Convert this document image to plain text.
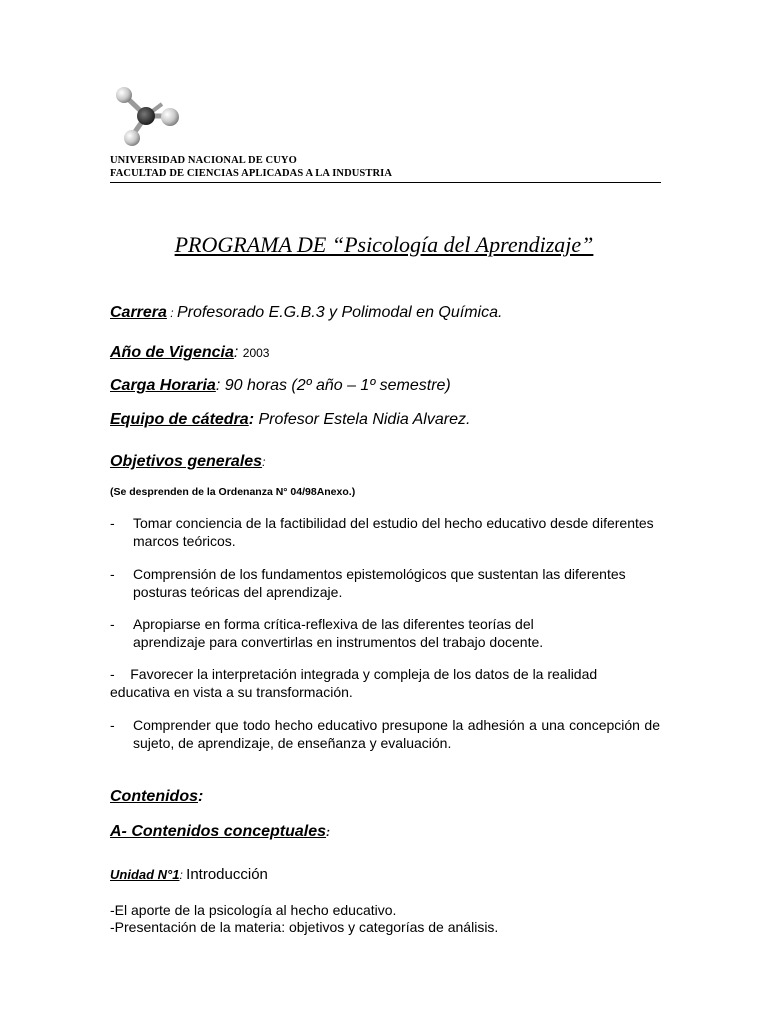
UNIVERSIDAD NACIONAL DE CUYO
FACULTAD DE CIENCIAS APLICADAS A LA INDUSTRIA
PROGRAMA DE “Psicología del Aprendizaje”
Carrera : Profesorado E.G.B.3 y Polimodal en Química.
Año de Vigencia: 2003
Carga Horaria: 90 horas (2º año – 1º semestre)
Equipo de cátedra: Profesor Estela Nidia Alvarez.
Objetivos generales:
(Se desprenden de la Ordenanza N° 04/98Anexo.)
-	Tomar conciencia de la factibilidad del estudio del hecho educativo desde diferentes marcos teóricos.
-	Comprensión de los fundamentos epistemológicos que sustentan las diferentes posturas teóricas del aprendizaje.
-	Apropiarse en forma crítica-reflexiva de las diferentes teorías del aprendizaje para convertirlas en instrumentos del trabajo docente.
- Favorecer la interpretación integrada y compleja de los datos de la realidad educativa en vista a su transformación.
-	Comprender que todo hecho educativo presupone la adhesión a una concepción de sujeto, de aprendizaje, de enseñanza y evaluación.
Contenidos:
A- Contenidos conceptuales:
Unidad N°1: Introducción
-El aporte de la psicología al hecho educativo.
-Presentación de la materia: objetivos y categorías de análisis.
